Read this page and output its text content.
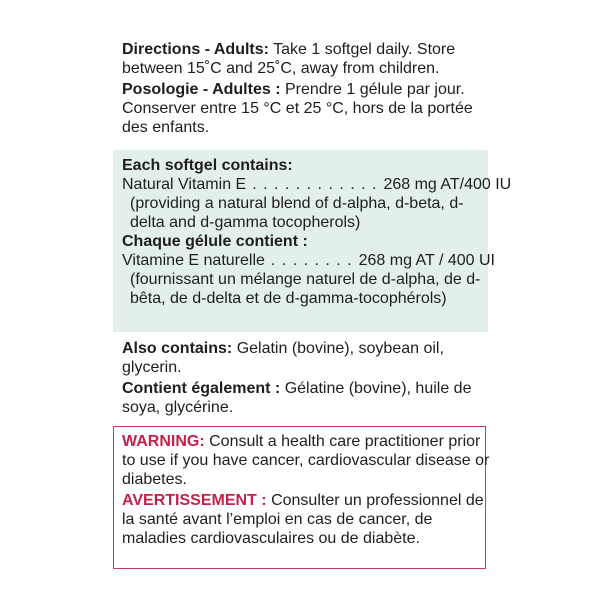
Directions - Adults: Take 1 softgel daily. Store between 15˚C and 25˚C, away from children.

Posologie - Adultes : Prendre 1 gélule par jour. Conserver entre 15 °C et 25 °C, hors de la portée des enfants.

Each softgel contains:

Natural Vitamin E . . . . . . . . . . . . 268 mg AT/400 IU

(providing a natural blend of d-alpha, d-beta, d-delta and d-gamma tocopherols)

Chaque gélule contient :

Vitamine E naturelle . . . . . . . . 268 mg AT / 400 UI

(fournissant un mélange naturel de d-alpha, de d-bêta, de d-delta et de d-gamma-tocophérols)

Also contains: Gelatin (bovine), soybean oil, glycerin.

Contient également : Gélatine (bovine), huile de soya, glycérine.

WARNING: Consult a health care practitioner prior to use if you have cancer, cardiovascular disease or diabetes.

AVERTISSEMENT : Consulter un professionnel de la santé avant l’emploi en cas de cancer, de maladies cardiovasculaires ou de diabète.
